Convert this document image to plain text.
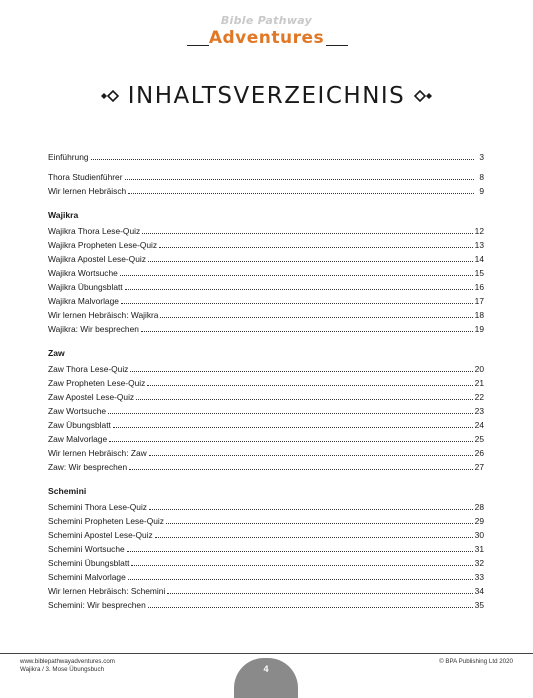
Bible Pathway
Adventures
INHALTSVERZEICHNIS
Einführung	3
Thora Studienführer	8
Wir lernen Hebräisch	9
Wajikra
Wajikra Thora Lese-Quiz	12
Wajikra Propheten Lese-Quiz	13
Wajikra Apostel Lese-Quiz	14
Wajikra Wortsuche	15
Wajikra Übungsblatt	16
Wajikra Malvorlage	17
Wir lernen Hebräisch: Wajikra	18
Wajikra: Wir besprechen	19
Zaw
Zaw Thora Lese-Quiz	20
Zaw Propheten Lese-Quiz	21
Zaw Apostel Lese-Quiz	22
Zaw Wortsuche	23
Zaw Übungsblatt	24
Zaw Malvorlage	25
Wir lernen Hebräisch: Zaw	26
Zaw: Wir besprechen	27
Schemini
Schemini Thora Lese-Quiz	28
Schemini Propheten Lese-Quiz	29
Schemini Apostel Lese-Quiz	30
Schemini Wortsuche	31
Schemini Übungsblatt	32
Schemini Malvorlage	33
Wir lernen Hebräisch: Schemini	34
Schemini: Wir besprechen	35
www.biblepathwayadventures.com
Wajikra / 3. Mose Übungsbuch
© BPA Publishing Ltd 2020
4
